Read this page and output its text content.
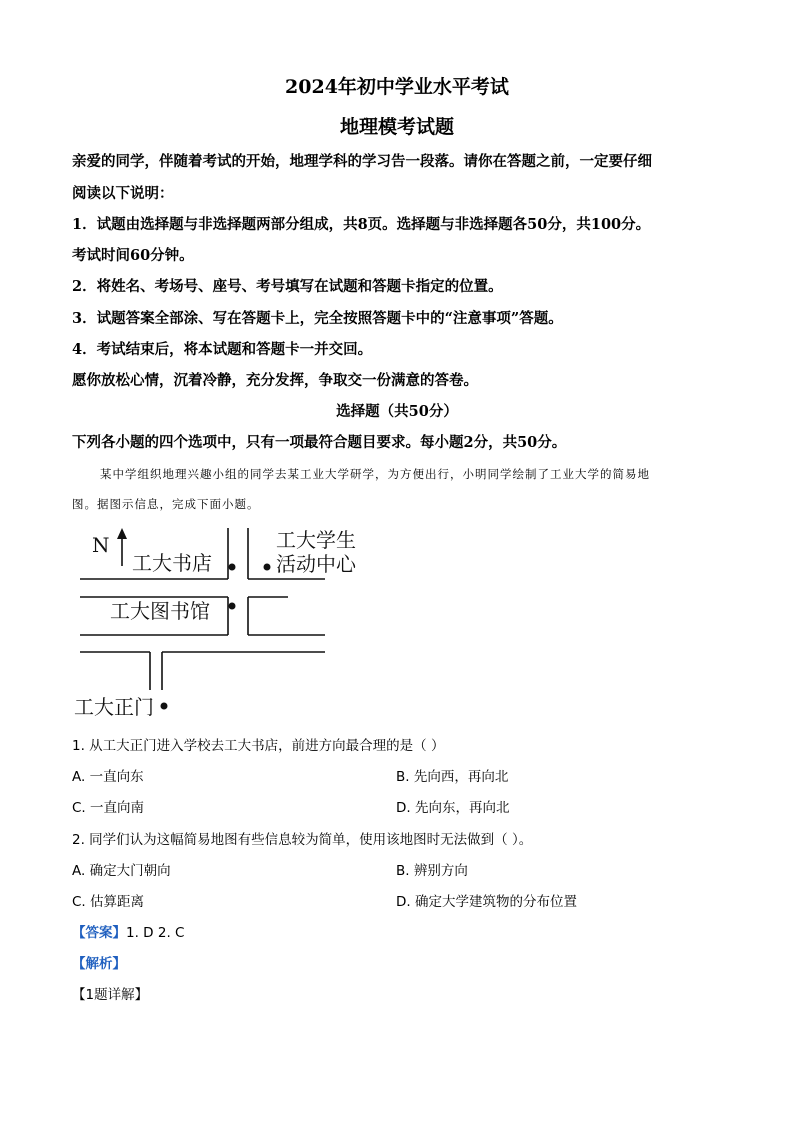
2024年初中学业水平考试
地理模考试题
亲爱的同学，伴随着考试的开始，地理学科的学习告一段落。请你在答题之前，一定要仔细
阅读以下说明：
1．试题由选择题与非选择题两部分组成，共8页。选择题与非选择题各50分，共100分。
考试时间60分钟。
2．将姓名、考场号、座号、考号填写在试题和答题卡指定的位置。
3．试题答案全部涂、写在答题卡上，完全按照答题卡中的“注意事项”答题。
4．考试结束后，将本试题和答题卡一并交回。
愿你放松心情，沉着冷静，充分发挥，争取交一份满意的答卷。
选择题（共50分）
下列各小题的四个选项中，只有一项最符合题目要求。每小题2分，共50分。
某中学组织地理兴趣小组的同学去某工业大学研学，为方便出行，小明同学绘制了工业大学的简易地
图。据图示信息，完成下面小题。
N
工大书店
工大学生
活动中心
工大图书馆
工大正门
1. 从工大正门进入学校去工大书店，前进方向最合理的是（ ）
A. 一直向东	B. 先向西，再向北
C. 一直向南	D. 先向东，再向北
2. 同学们认为这幅简易地图有些信息较为简单，使用该地图时无法做到（ ）。
A. 确定大门朝向	B. 辨别方向
C. 估算距离	D. 确定大学建筑物的分布位置
【答案】1. D 2. C
【解析】
【1题详解】
